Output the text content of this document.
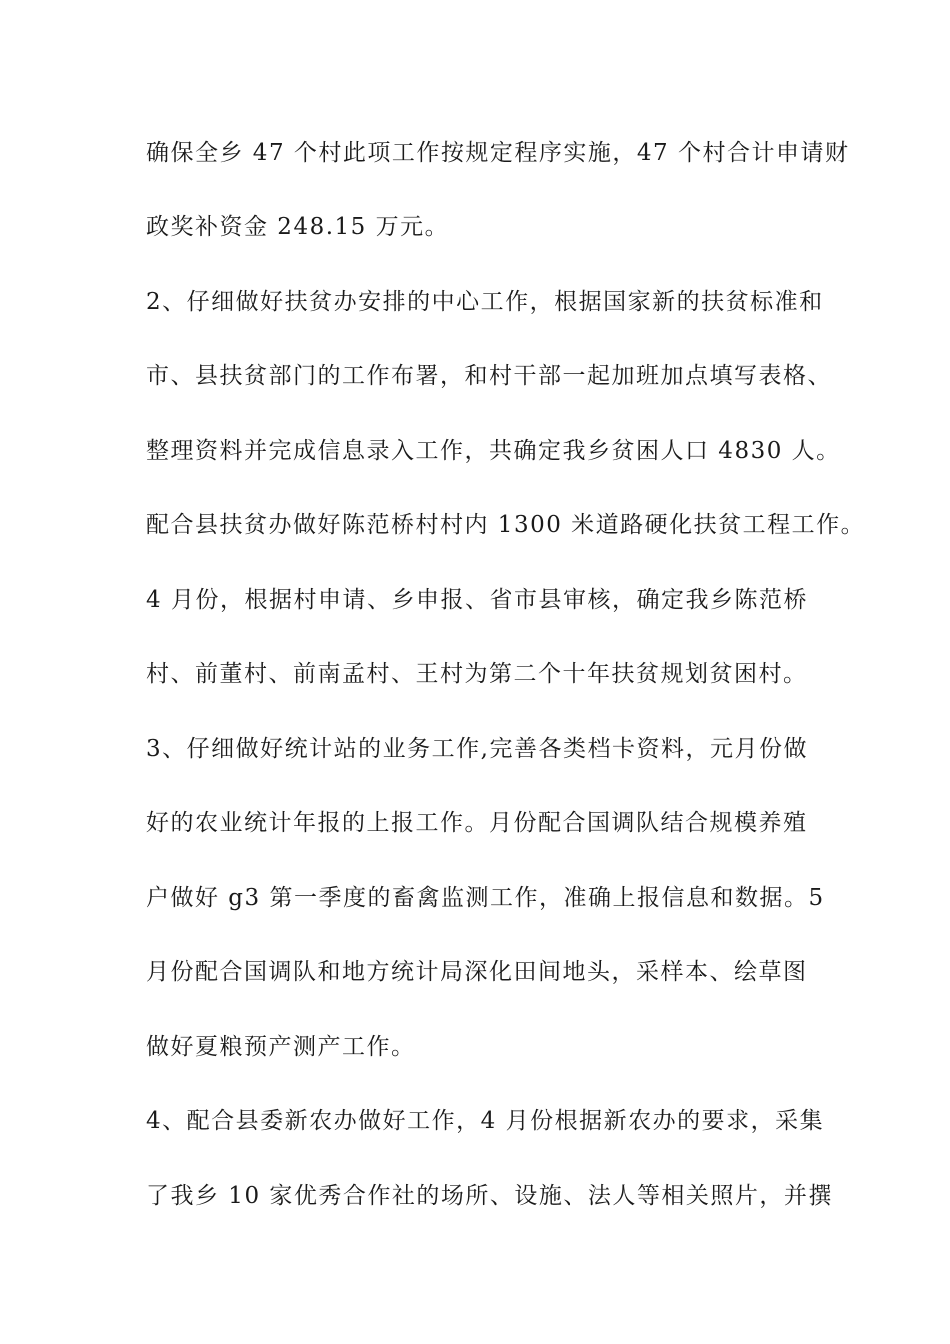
确保全乡 47 个村此项工作按规定程序实施，47 个村合计申请财
政奖补资金 248.15 万元。
2、仔细做好扶贫办安排的中心工作，根据国家新的扶贫标准和
市、县扶贫部门的工作布署，和村干部一起加班加点填写表格、
整理资料并完成信息录入工作，共确定我乡贫困人口 4830 人。
配合县扶贫办做好陈范桥村村内 1300 米道路硬化扶贫工程工作。
4 月份，根据村申请、乡申报、省市县审核，确定我乡陈范桥
村、前董村、前南孟村、王村为第二个十年扶贫规划贫困村。
3、仔细做好统计站的业务工作,完善各类档卡资料，元月份做
好的农业统计年报的上报工作。月份配合国调队结合规模养殖
户做好 g3 第一季度的畜禽监测工作，准确上报信息和数据。5
月份配合国调队和地方统计局深化田间地头，采样本、绘草图
做好夏粮预产测产工作。
4、配合县委新农办做好工作，4 月份根据新农办的要求，采集
了我乡 10 家优秀合作社的场所、设施、法人等相关照片，并撰
